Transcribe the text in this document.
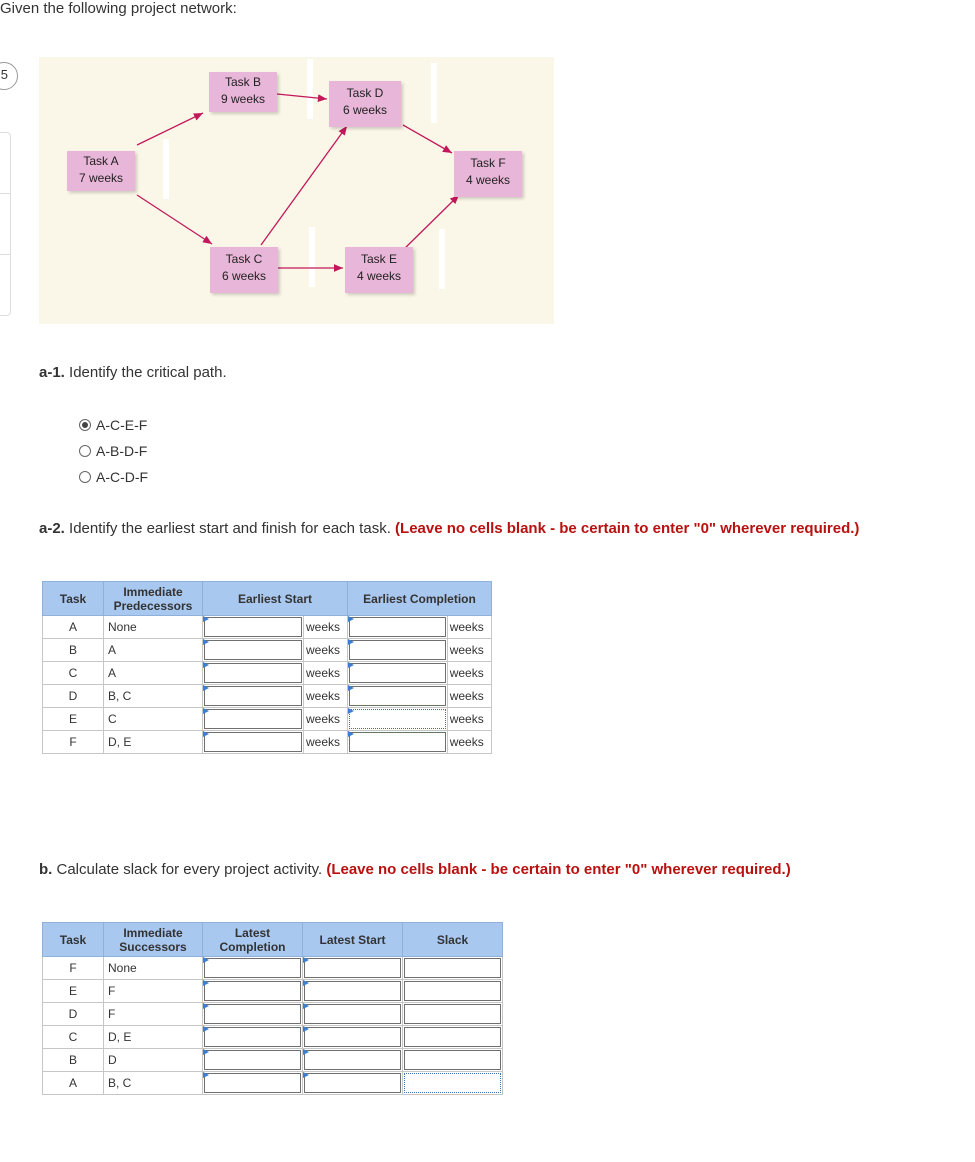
5
Given the following project network:
Task A
7 weeks
Task B
9 weeks
Task C
6 weeks
Task D
6 weeks
Task E
4 weeks
Task F
4 weeks
a-1. Identify the critical path.
A-C-E-F
A-B-D-F
A-C-D-F
a-2. Identify the earliest start and finish for each task. (Leave no cells blank - be certain to enter "0" wherever required.)
Task	Immediate Predecessors	Earliest Start		Earliest Completion	
A	None		weeks		weeks
B	A		weeks		weeks
C	A		weeks		weeks
D	B, C		weeks		weeks
E	C		weeks		weeks
F	D, E		weeks		weeks
b. Calculate slack for every project activity. (Leave no cells blank - be certain to enter "0" wherever required.)
Task	Immediate Successors	Latest Completion	Latest Start	Slack
F	None	

E	F	

D	F	

C	D, E	

B	D	

A	B, C	
